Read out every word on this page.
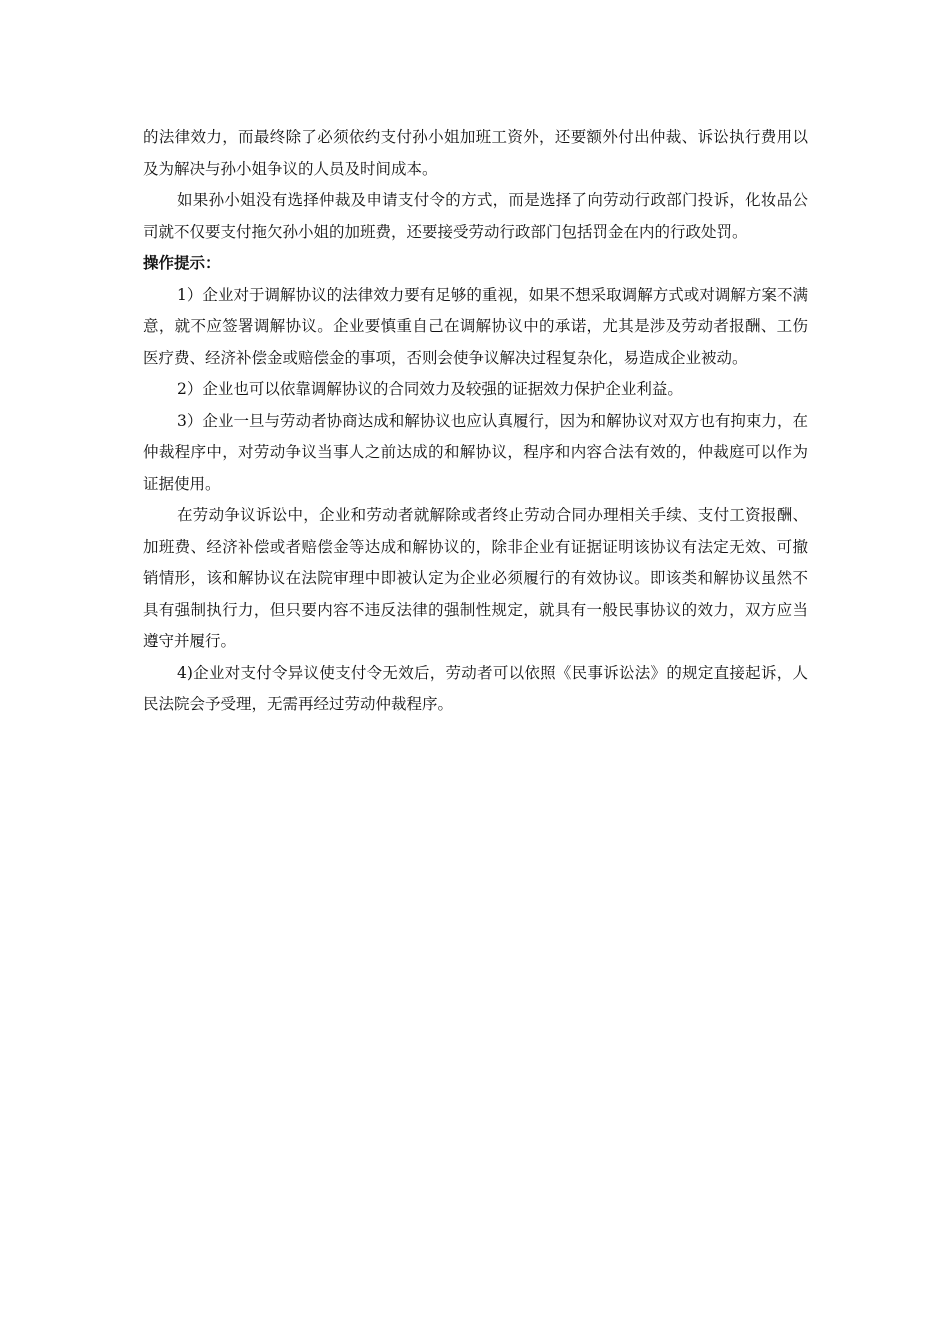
的法律效力，而最终除了必须依约支付孙小姐加班工资外，还要额外付出仲裁、诉讼执行费用以及为解决与孙小姐争议的人员及时间成本。

如果孙小姐没有选择仲裁及申请支付令的方式，而是选择了向劳动行政部门投诉，化妆品公司就不仅要支付拖欠孙小姐的加班费，还要接受劳动行政部门包括罚金在内的行政处罚。

操作提示：

1）企业对于调解协议的法律效力要有足够的重视，如果不想采取调解方式或对调解方案不满意，就不应签署调解协议。企业要慎重自己在调解协议中的承诺，尤其是涉及劳动者报酬、工伤医疗费、经济补偿金或赔偿金的事项，否则会使争议解决过程复杂化，易造成企业被动。

2）企业也可以依靠调解协议的合同效力及较强的证据效力保护企业利益。

3）企业一旦与劳动者协商达成和解协议也应认真履行，因为和解协议对双方也有拘束力，在仲裁程序中，对劳动争议当事人之前达成的和解协议，程序和内容合法有效的，仲裁庭可以作为证据使用。

在劳动争议诉讼中，企业和劳动者就解除或者终止劳动合同办理相关手续、支付工资报酬、加班费、经济补偿或者赔偿金等达成和解协议的，除非企业有证据证明该协议有法定无效、可撤销情形，该和解协议在法院审理中即被认定为企业必须履行的有效协议。即该类和解协议虽然不具有强制执行力，但只要内容不违反法律的强制性规定，就具有一般民事协议的效力，双方应当遵守并履行。

4)企业对支付令异议使支付令无效后，劳动者可以依照《民事诉讼法》的规定直接起诉，人民法院会予受理，无需再经过劳动仲裁程序。
